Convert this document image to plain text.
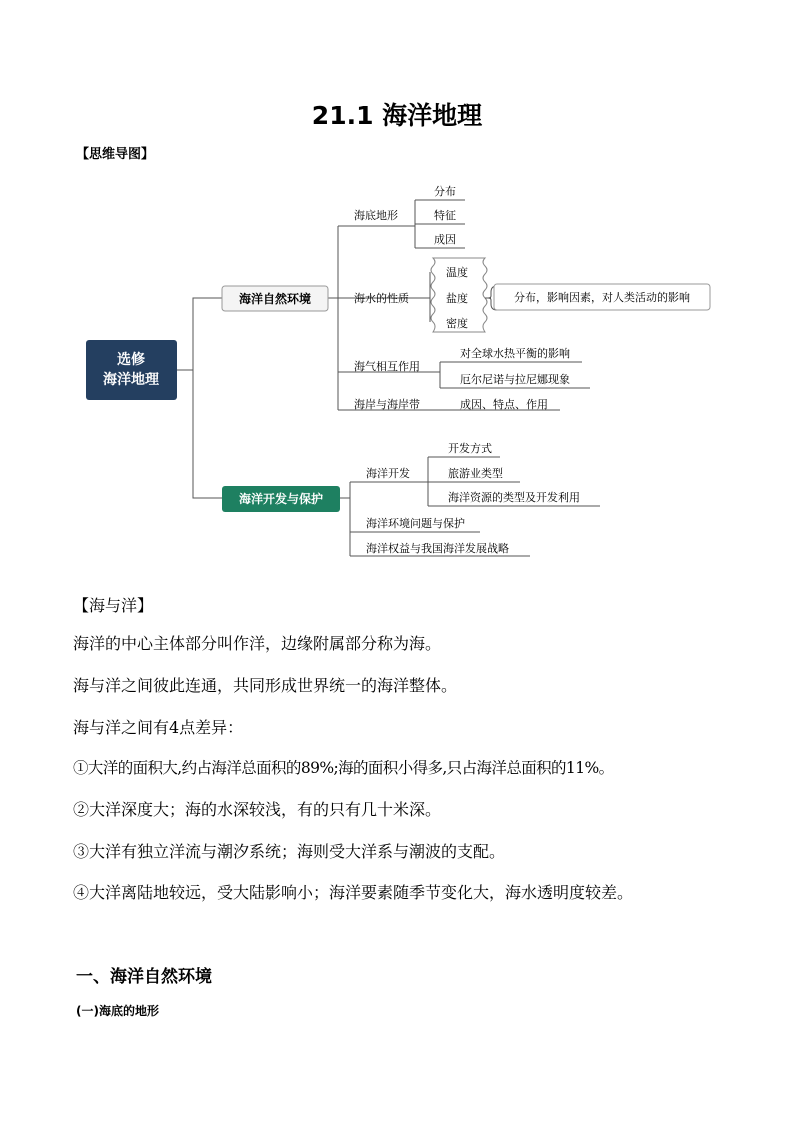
21.1 海洋地理
【思维导图】
选修
海洋地理
海洋自然环境
海洋开发与保护
海底地形
海水的性质
海气相互作用
海岸与海岸带
分布
特征
成因
温度
盐度
密度
分布，影响因素，对人类活动的影响
对全球水热平衡的影响
厄尔尼诺与拉尼娜现象
成因、特点、作用
海洋开发
海洋环境问题与保护
海洋权益与我国海洋发展战略
开发方式
旅游业类型
海洋资源的类型及开发利用
【海与洋】
海洋的中心主体部分叫作洋，边缘附属部分称为海。
海与洋之间彼此连通，共同形成世界统一的海洋整体。
海与洋之间有4点差异：
①大洋的面积大,约占海洋总面积的89%;海的面积小得多,只占海洋总面积的11%。
②大洋深度大；海的水深较浅，有的只有几十米深。
③大洋有独立洋流与潮汐系统；海则受大洋系与潮波的支配。
④大洋离陆地较远，受大陆影响小；海洋要素随季节变化大，海水透明度较差。
一、海洋自然环境
(一)海底的地形
